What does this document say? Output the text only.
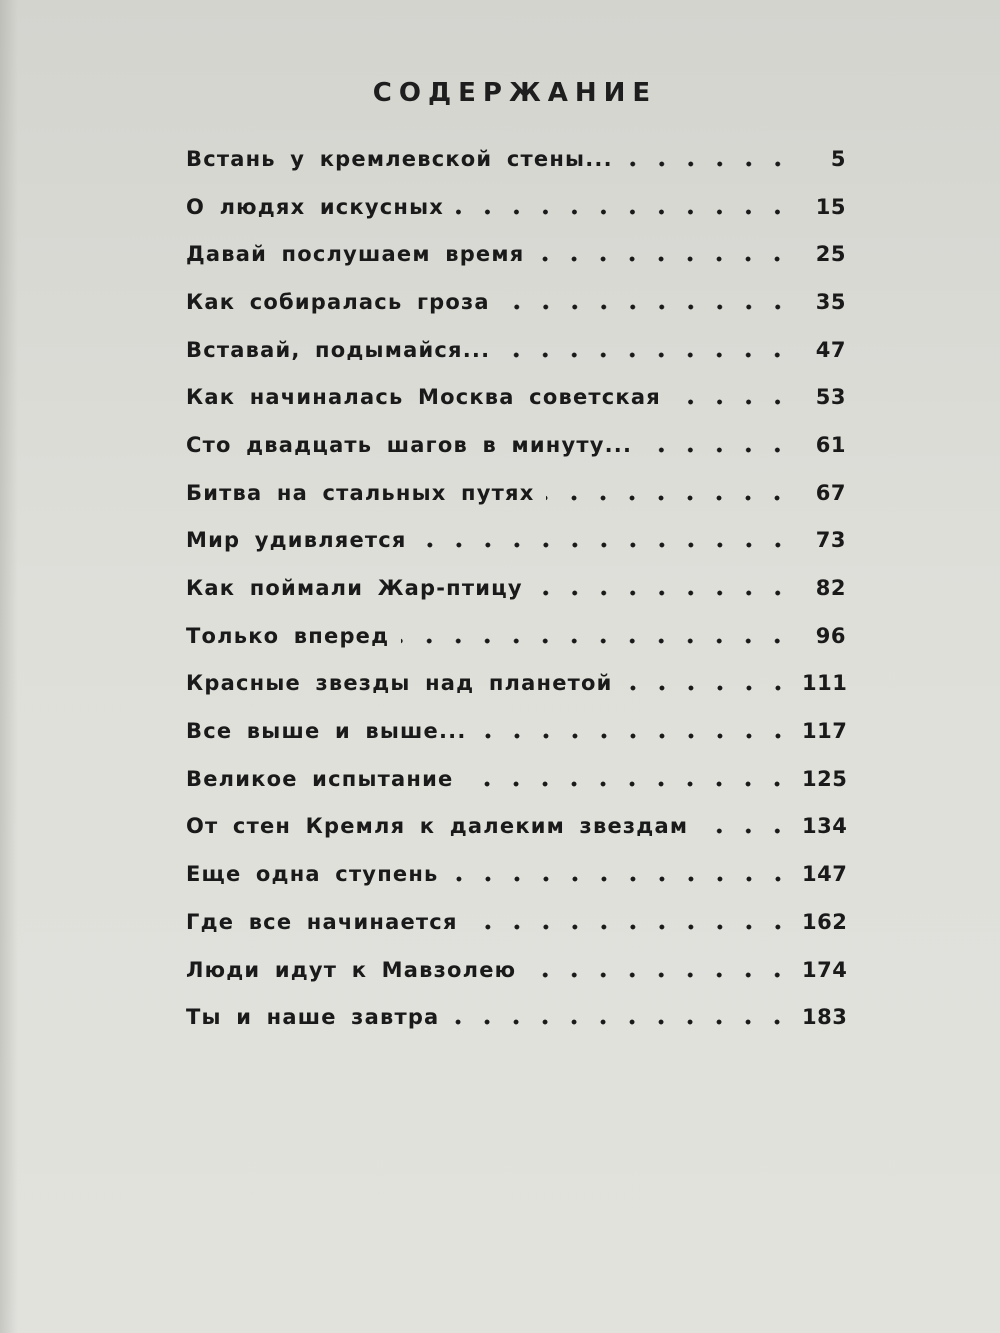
СОДЕРЖАНИЕ
Встань у кремлевской стены...	5
О людях искусных	15
Давай послушаем время	25
Как собиралась гроза	35
Вставай, подымайся...	47
Как начиналась Москва советская	53
Сто двадцать шагов в минуту...	61
Битва на стальных путях	67
Мир удивляется	73
Как поймали Жар-птицу	82
Только вперед	96
Красные звезды над планетой	111
Все выше и выше...	117
Великое испытание	125
От стен Кремля к далеким звездам	134
Еще одна ступень	147
Где все начинается	162
Люди идут к Мавзолею	174
Ты и наше завтра	183
